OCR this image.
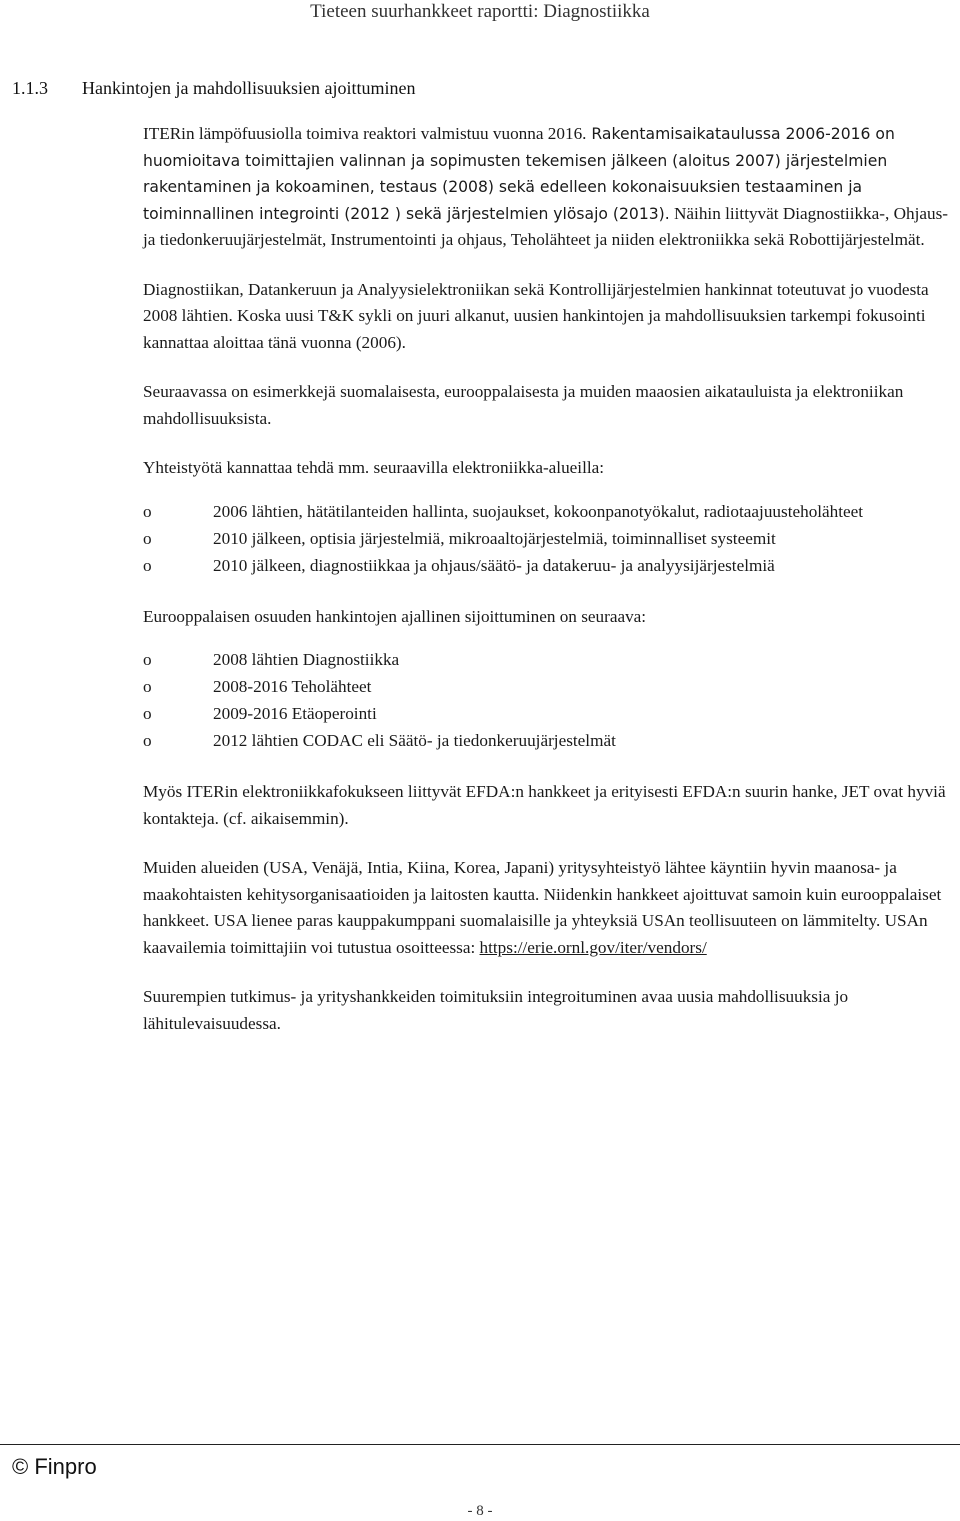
Tieteen suurhankkeet raportti: Diagnostiikka
1.1.3 Hankintojen ja mahdollisuuksien ajoittuminen

ITERin lämpöfuusiolla toimiva reaktori valmistuu vuonna 2016. Rakentamisaikataulussa 2006-2016 on huomioitava toimittajien valinnan ja sopimusten tekemisen jälkeen (aloitus 2007) järjestelmien rakentaminen ja kokoaminen, testaus (2008) sekä edelleen kokonaisuuksien testaaminen ja toiminnallinen integrointi (2012 ) sekä järjestelmien ylösajo (2013). Näihin liittyvät Diagnostiikka-, Ohjaus- ja tiedonkeruujärjestelmät, Instrumentointi ja ohjaus, Teholähteet ja niiden elektroniikka sekä Robottijärjestelmät.

Diagnostiikan, Datankeruun ja Analyysielektroniikan sekä Kontrollijärjestelmien hankinnat toteutuvat jo vuodesta 2008 lähtien. Koska uusi T&K sykli on juuri alkanut, uusien hankintojen ja mahdollisuuksien tarkempi fokusointi kannattaa aloittaa tänä vuonna (2006).

Seuraavassa on esimerkkejä suomalaisesta, eurooppalaisesta ja muiden maaosien aikatauluista ja elektroniikan mahdollisuuksista.

Yhteistyötä kannattaa tehdä mm. seuraavilla elektroniikka-alueilla:

o	2006 lähtien, hätätilanteiden hallinta, suojaukset, kokoonpanotyökalut, radiotaajuusteholähteet
o	2010 jälkeen, optisia järjestelmiä, mikroaaltojärjestelmiä, toiminnalliset systeemit
o	2010 jälkeen, diagnostiikkaa ja ohjaus/säätö- ja datakeruu- ja analyysijärjestelmiä

Eurooppalaisen osuuden hankintojen ajallinen sijoittuminen on seuraava:

o	2008 lähtien Diagnostiikka
o	2008-2016 Teholähteet
o	2009-2016 Etäoperointi
o	2012 lähtien CODAC eli Säätö- ja tiedonkeruujärjestelmät

Myös ITERin elektroniikkafokukseen liittyvät EFDA:n hankkeet ja erityisesti EFDA:n suurin hanke, JET ovat hyviä kontakteja. (cf. aikaisemmin).

Muiden alueiden (USA, Venäjä, Intia, Kiina, Korea, Japani) yritysyhteistyö lähtee käyntiin hyvin maanosa- ja maakohtaisten kehitysorganisaatioiden ja laitosten kautta. Niidenkin hankkeet ajoittuvat samoin kuin eurooppalaiset hankkeet. USA lienee paras kauppakumppani suomalaisille ja yhteyksiä USAn teollisuuteen on lämmitelty. USAn kaavailemia toimittajiin voi tutustua osoitteessa: https://erie.ornl.gov/iter/vendors/

Suurempien tutkimus- ja yrityshankkeiden toimituksiin integroituminen avaa uusia mahdollisuuksia jo lähitulevaisuudessa.

© Finpro
- 8 -
